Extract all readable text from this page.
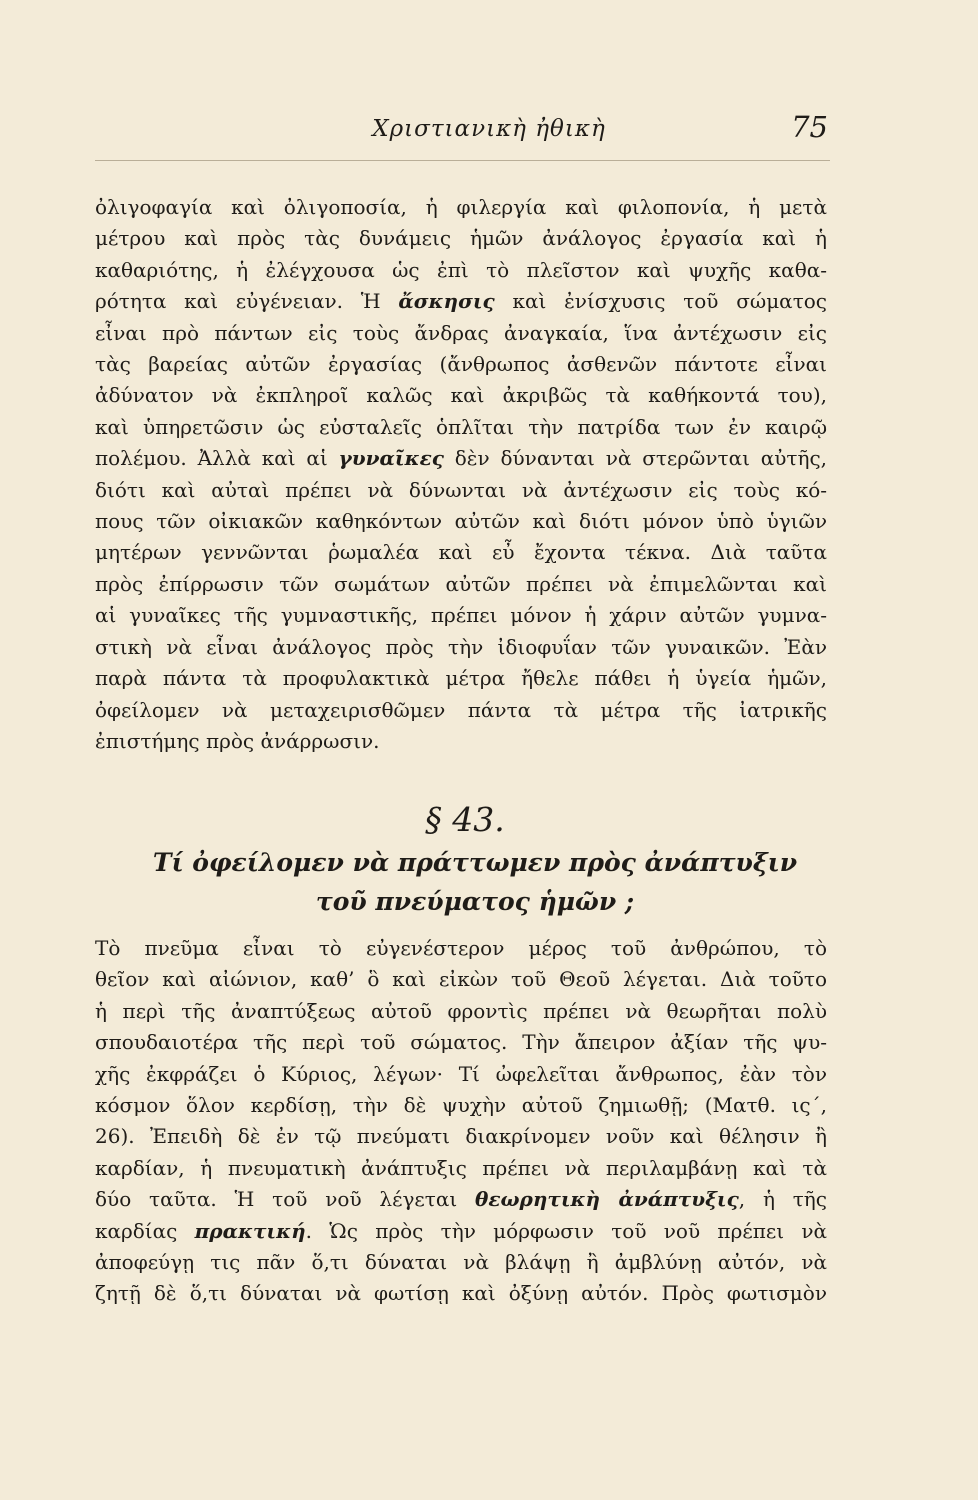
Χριστιανικὴ ἠθικὴ	75
ὀλιγοφαγία καὶ ὀλιγοποσία, ἡ φιλεργία καὶ φιλοπονία, ἡ μετὰ
μέτρου καὶ πρὸς τὰς δυνάμεις ἡμῶν ἀνάλογος ἐργασία καὶ ἡ
καθαριότης, ἡ ἐλέγχουσα ὡς ἐπὶ τὸ πλεῖστον καὶ ψυχῆς καθα-
ρότητα καὶ εὐγένειαν. Ἡ ἄσκησις καὶ ἐνίσχυσις τοῦ σώματος
εἶναι πρὸ πάντων εἰς τοὺς ἄνδρας ἀναγκαία, ἵνα ἀντέχωσιν εἰς
τὰς βαρείας αὐτῶν ἐργασίας (ἄνθρωπος ἀσθενῶν πάντοτε εἶναι
ἀδύνατον νὰ ἐκπληροῖ καλῶς καὶ ἀκριβῶς τὰ καθήκοντά του),
καὶ ὑπηρετῶσιν ὡς εὐσταλεῖς ὁπλῖται τὴν πατρίδα των ἐν καιρῷ
πολέμου. Ἀλλὰ καὶ αἱ γυναῖκες δὲν δύνανται νὰ στερῶνται αὐτῆς,
διότι καὶ αὐταὶ πρέπει νὰ δύνωνται νὰ ἀντέχωσιν εἰς τοὺς κό-
πους τῶν οἰκιακῶν καθηκόντων αὐτῶν καὶ διότι μόνον ὑπὸ ὑγιῶν
μητέρων γεννῶνται ῥωμαλέα καὶ εὖ ἔχοντα τέκνα. Διὰ ταῦτα
πρὸς ἐπίρρωσιν τῶν σωμάτων αὐτῶν πρέπει νὰ ἐπιμελῶνται καὶ
αἱ γυναῖκες τῆς γυμναστικῆς, πρέπει μόνον ἡ χάριν αὐτῶν γυμνα-
στικὴ νὰ εἶναι ἀνάλογος πρὸς τὴν ἰδιοφυΐαν τῶν γυναικῶν. Ἐὰν
παρὰ πάντα τὰ προφυλακτικὰ μέτρα ἤθελε πάθει ἡ ὑγεία ἡμῶν,
ὀφείλομεν νὰ μεταχειρισθῶμεν πάντα τὰ μέτρα τῆς ἰατρικῆς
ἐπιστήμης πρὸς ἀνάρρωσιν.
§ 43.
Τί ὀφείλομεν νὰ πράττωμεν πρὸς ἀνάπτυξιν
τοῦ πνεύματος ἡμῶν ;
Τὸ πνεῦμα εἶναι τὸ εὐγενέστερον μέρος τοῦ ἀνθρώπου, τὸ
θεῖον καὶ αἰώνιον, καθ’ ὃ καὶ εἰκὼν τοῦ Θεοῦ λέγεται. Διὰ τοῦτο
ἡ περὶ τῆς ἀναπτύξεως αὐτοῦ φροντὶς πρέπει νὰ θεωρῆται πολὺ
σπουδαιοτέρα τῆς περὶ τοῦ σώματος. Τὴν ἄπειρον ἀξίαν τῆς ψυ-
χῆς ἐκφράζει ὁ Κύριος, λέγων· Τί ὠφελεῖται ἄνθρωπος, ἐὰν τὸν
κόσμον ὅλον κερδίσῃ, τὴν δὲ ψυχὴν αὐτοῦ ζημιωθῇ; (Ματθ. ις΄,
26). Ἐπειδὴ δὲ ἐν τῷ πνεύματι διακρίνομεν νοῦν καὶ θέλησιν ἢ
καρδίαν, ἡ πνευματικὴ ἀνάπτυξις πρέπει νὰ περιλαμβάνῃ καὶ τὰ
δύο ταῦτα. Ἡ τοῦ νοῦ λέγεται θεωρητικὴ ἀνάπτυξις, ἡ τῆς
καρδίας πρακτική. Ὡς πρὸς τὴν μόρφωσιν τοῦ νοῦ πρέπει νὰ
ἀποφεύγῃ τις πᾶν ὅ,τι δύναται νὰ βλάψῃ ἢ ἀμβλύνῃ αὐτόν, νὰ
ζητῇ δὲ ὅ,τι δύναται νὰ φωτίσῃ καὶ ὀξύνῃ αὐτόν. Πρὸς φωτισμὸν
